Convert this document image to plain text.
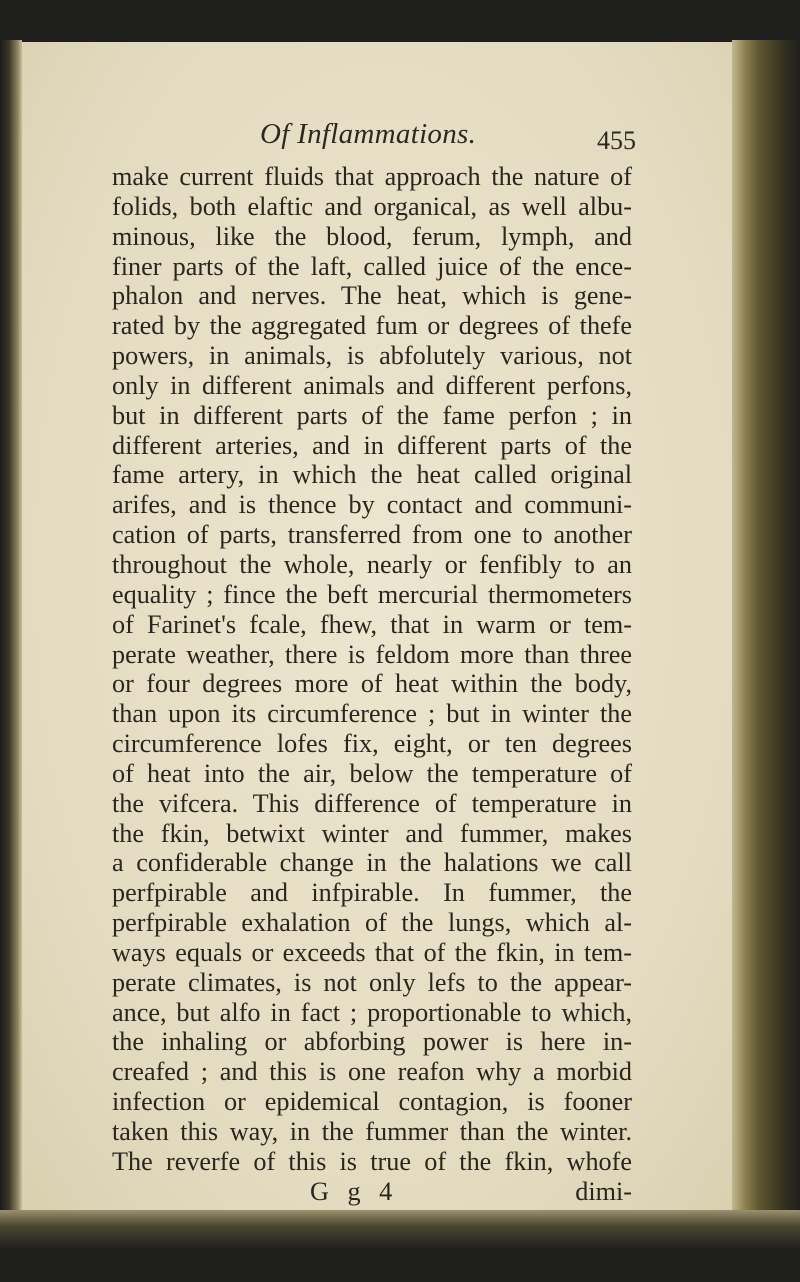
Of Inflammations.	455
make current fluids that approach the nature of
folids, both elaftic and organical, as well albu-
minous, like the blood, ferum, lymph, and
finer parts of the laft, called juice of the ence-
phalon and nerves. The heat, which is gene-
rated by the aggregated fum or degrees of thefe
powers, in animals, is abfolutely various, not
only in different animals and different perfons,
but in different parts of the fame perfon ; in
different arteries, and in different parts of the
fame artery, in which the heat called original
arifes, and is thence by contact and communi-
cation of parts, transferred from one to another
throughout the whole, nearly or fenfibly to an
equality ; fince the beft mercurial thermometers
of Farinet's fcale, fhew, that in warm or tem-
perate weather, there is feldom more than three
or four degrees more of heat within the body,
than upon its circumference ; but in winter the
circumference lofes fix, eight, or ten degrees
of heat into the air, below the temperature of
the vifcera. This difference of temperature in
the fkin, betwixt winter and fummer, makes
a confiderable change in the halations we call
perfpirable and infpirable. In fummer, the
perfpirable exhalation of the lungs, which al-
ways equals or exceeds that of the fkin, in tem-
perate climates, is not only lefs to the appear-
ance, but alfo in fact ; proportionable to which,
the inhaling or abforbing power is here in-
creafed ; and this is one reafon why a morbid
infection or epidemical contagion, is fooner
taken this way, in the fummer than the winter.
The reverfe of this is true of the fkin, whofe
G g 4	dimi-
